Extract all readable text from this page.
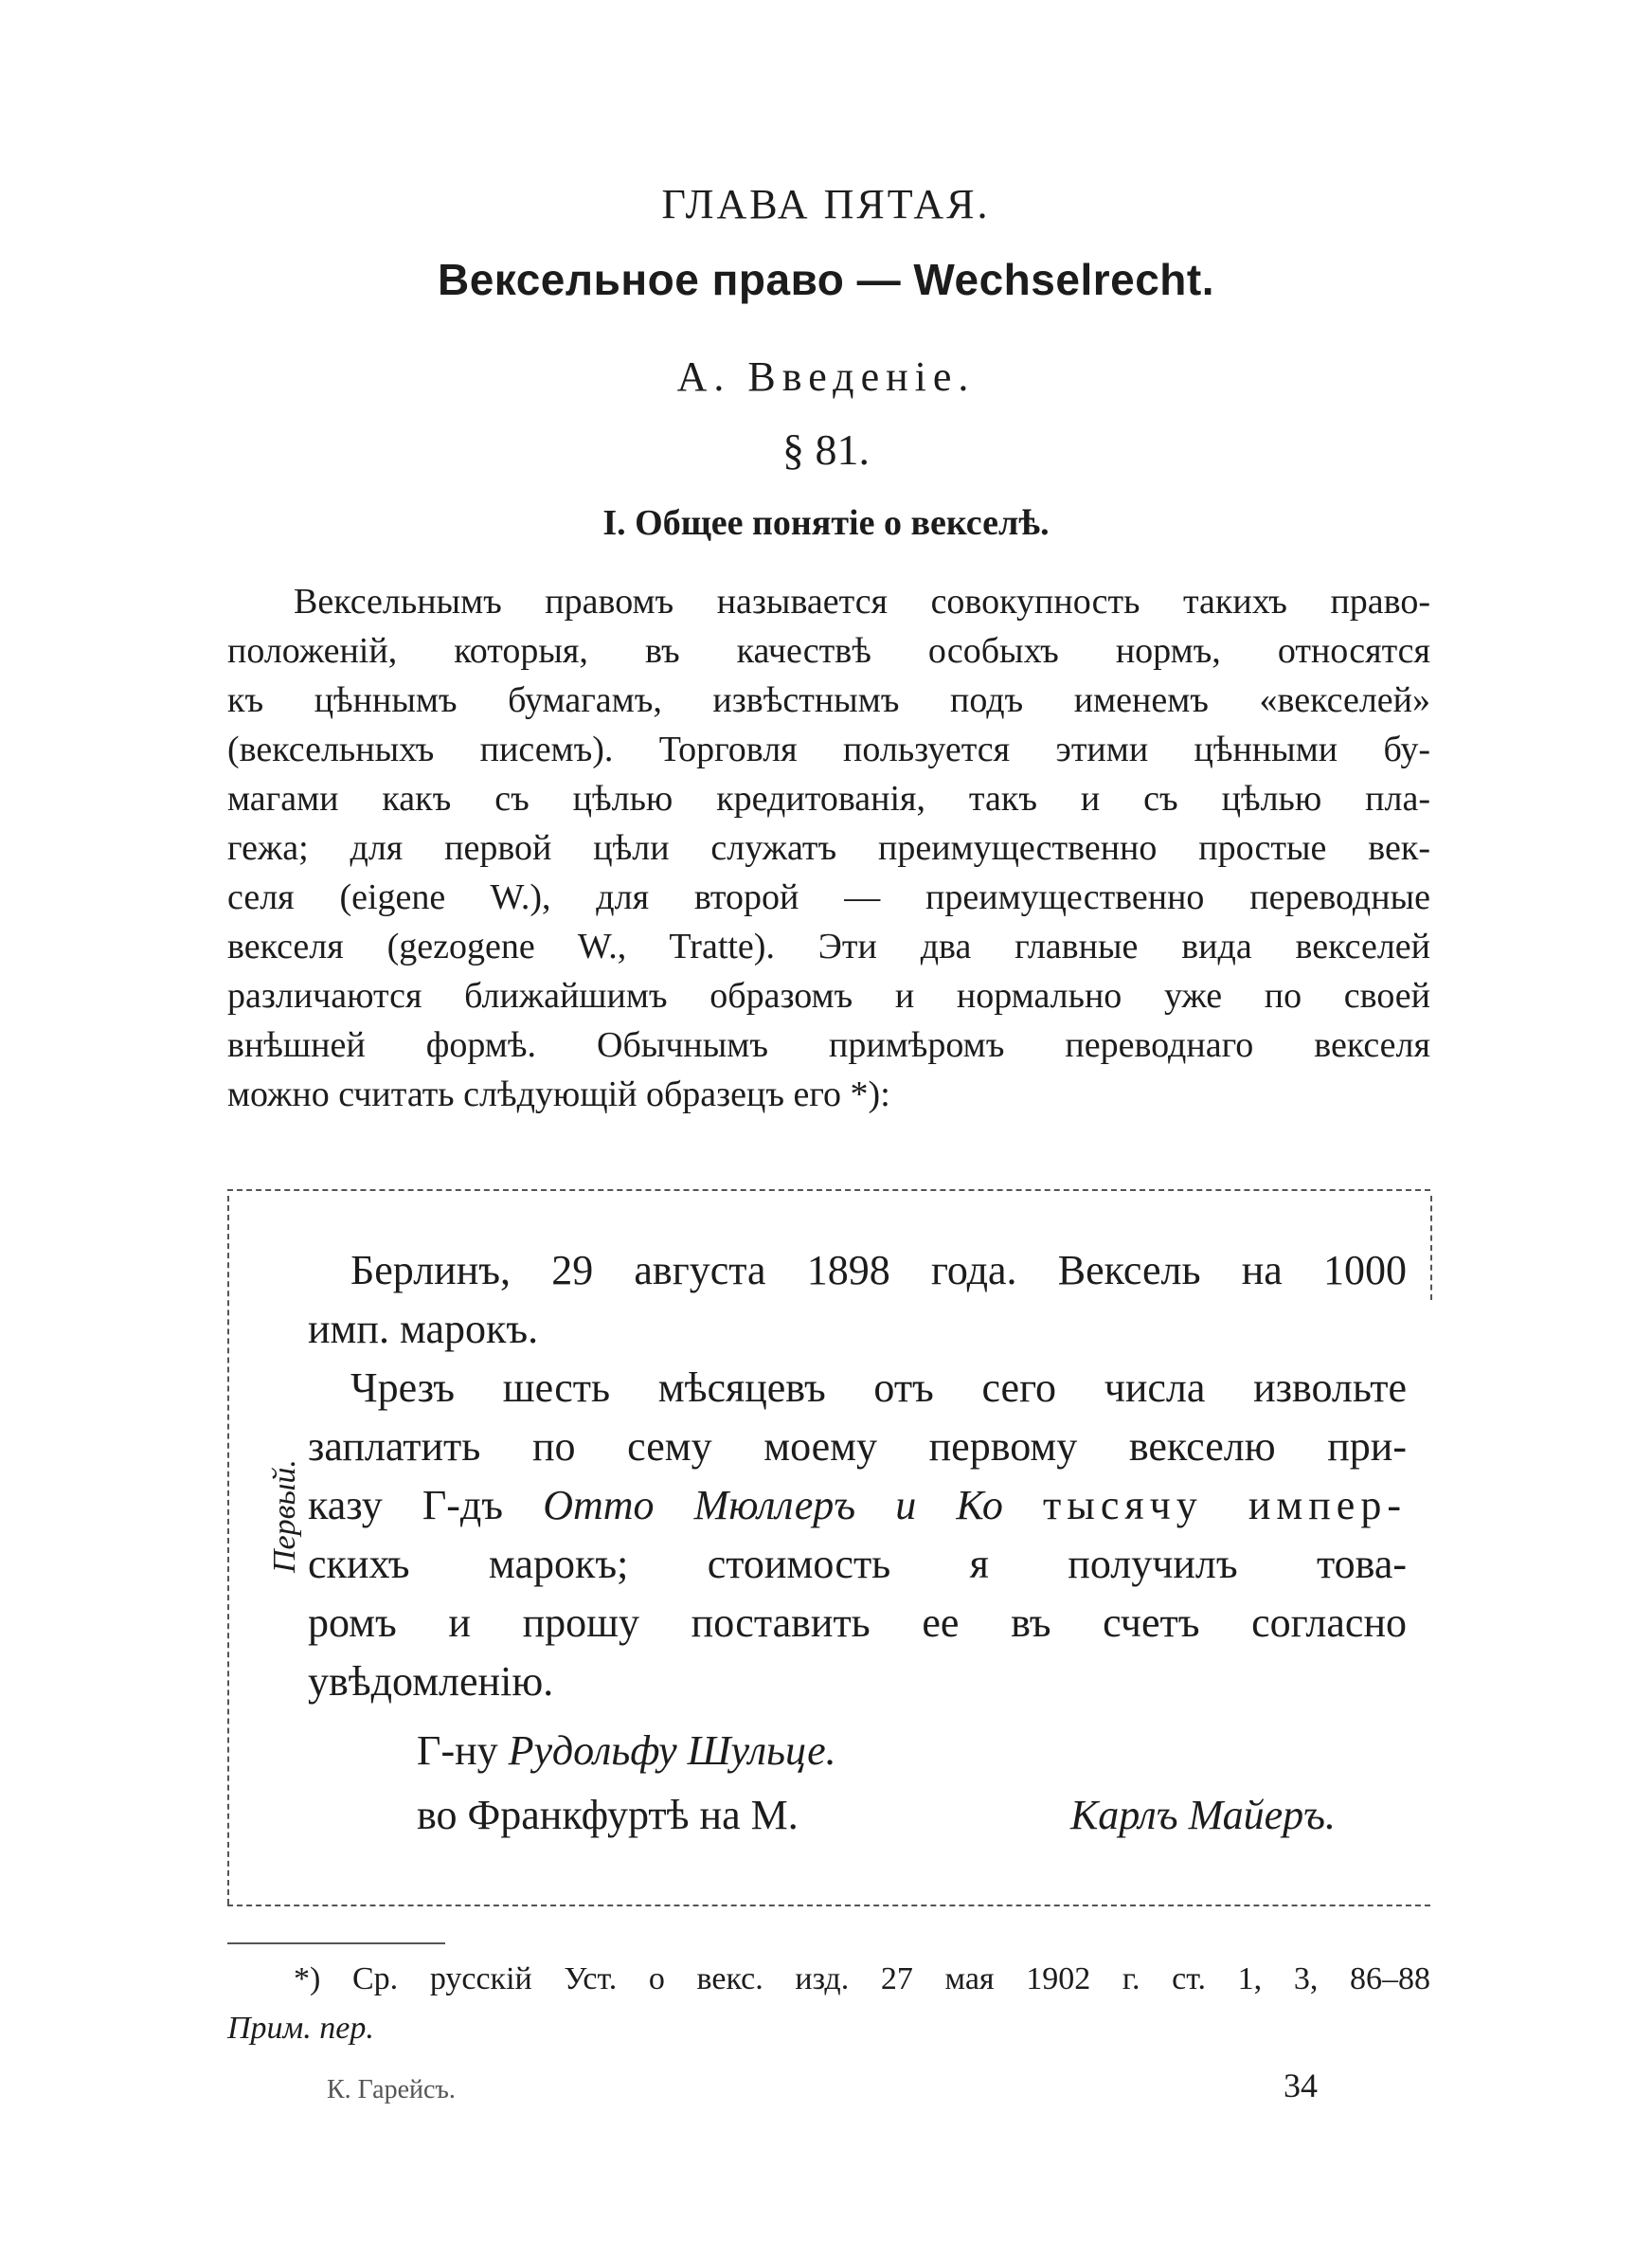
ГЛАВА ПЯТАЯ.
Вексельное право — Wechselrecht.
А. Введеніе.
§ 81.
I. Общее понятіе о векселѣ.
Вексельнымъ правомъ называется совокупность такихъ право-
положеній, которыя, въ качествѣ особыхъ нормъ, относятся
къ цѣннымъ бумагамъ, извѣстнымъ подъ именемъ «векселей»
(вексельныхъ писемъ). Торговля пользуется этими цѣнными бу-
магами какъ съ цѣлью кредитованія, такъ и съ цѣлью пла-
гежа; для первой цѣли служатъ преимущественно простые век-
селя (eigene W.), для второй — преимущественно переводные
векселя (gezogene W., Tratte). Эти два главные вида векселей
различаются ближайшимъ образомъ и нормально уже по своей
внѣшней формѣ. Обычнымъ примѣромъ переводнаго векселя
можно считать слѣдующій образецъ его *):
Первый.
Берлинъ, 29 августа 1898 года. Вексель на 1000
имп. марокъ.
Чрезъ шесть мѣсяцевъ отъ сего числа извольте
заплатить по сему моему первому векселю при-
казу Г-дъ Отто Мюллеръ и Ко тысячу импер-
скихъ марокъ; стоимость я получилъ това-
ромъ и прошу поставить ее въ счетъ согласно
увѣдомленію.
Г-ну Рудольфу Шульце.
во Франкфуртѣ на М.	Карлъ Майеръ.
*) Ср. русскій Уст. о векс. изд. 27 мая 1902 г. ст. 1, 3, 86–88
Прим. пер.
К. Гарейсъ.	34
